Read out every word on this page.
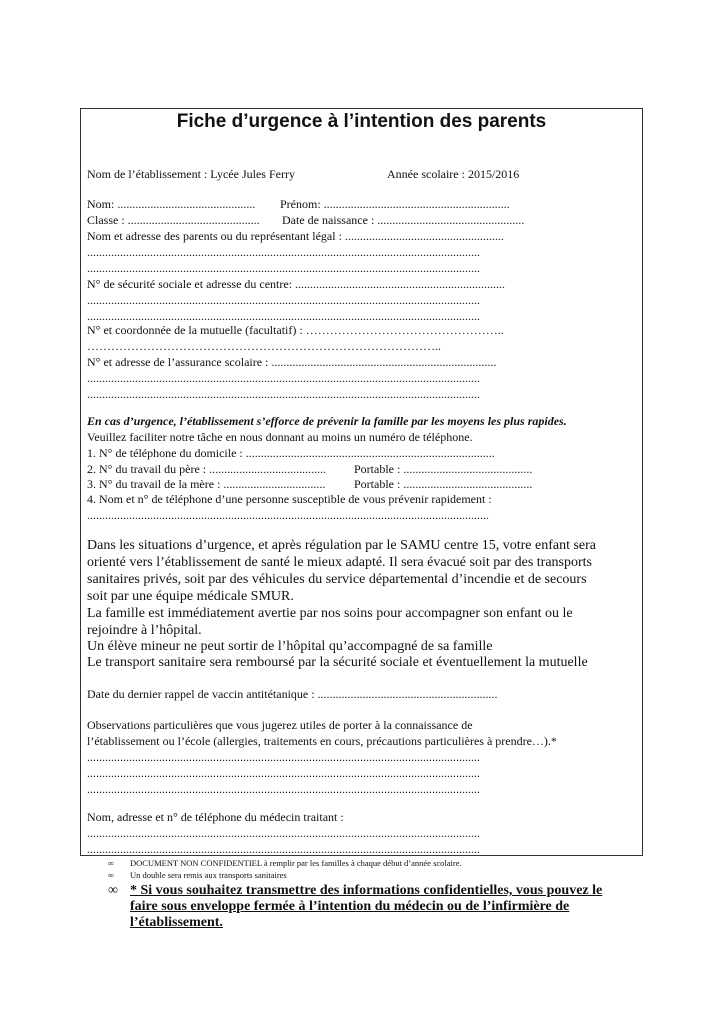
Fiche d’urgence à l’intention des parents
Nom de l’établissement : Lycée Jules Ferry	Année scolaire : 2015/2016
Nom: .............................................. Prénom: ..............................................................
Classe : ............................................ Date de naissance : .................................................
Nom et adresse des parents ou du représentant légal : .....................................................
...................................................................................................................................
...................................................................................................................................
N° de sécurité sociale et adresse du centre: ......................................................................
...................................................................................................................................
...................................................................................................................................
N° et coordonnée de la mutuelle (facultatif) : …………………………………………..
……………………………………………………………………………..
N° et adresse de l’assurance scolaire : ...........................................................................
...................................................................................................................................
...................................................................................................................................
En cas d’urgence, l’établissement s’efforce de prévenir la famille par les moyens les plus rapides.
Veuillez faciliter notre tâche en nous donnant au moins un numéro de téléphone.
1. N° de téléphone du domicile : ...................................................................................
2. N° du travail du père : ....................................... Portable : ...........................................
3. N° du travail de la mère : .................................. Portable : ...........................................
4. Nom et n° de téléphone d’une personne susceptible de vous prévenir rapidement :
......................................................................................................................................
Dans les situations d’urgence, et après régulation par le SAMU centre 15, votre enfant sera
orienté vers l’établissement de santé le mieux adapté. Il sera évacué soit par des transports
sanitaires privés, soit par des véhicules du service départemental d’incendie et de secours
soit par une équipe médicale SMUR.
La famille est immédiatement avertie par nos soins pour accompagner son enfant ou le
rejoindre à l’hôpital.
Un élève mineur ne peut sortir de l’hôpital qu’accompagné de sa famille
Le transport sanitaire sera remboursé par la sécurité sociale et éventuellement la mutuelle
Date du dernier rappel de vaccin antitétanique : ............................................................
Observations particulières que vous jugerez utiles de porter à la connaissance de
l’établissement ou l’école (allergies, traitements en cours, précautions particulières à prendre…).*
...................................................................................................................................
...................................................................................................................................
...................................................................................................................................
Nom, adresse et n° de téléphone du médecin traitant :
...................................................................................................................................
...................................................................................................................................
∞ DOCUMENT NON CONFIDENTIEL à remplir par les familles à chaque début d’année scolaire.
∞ Un double sera remis aux transports sanitaires
∞ * Si vous souhaitez transmettre des informations confidentielles, vous pouvez le faire sous enveloppe fermée à l’intention du médecin ou de l’infirmière de l’établissement.
